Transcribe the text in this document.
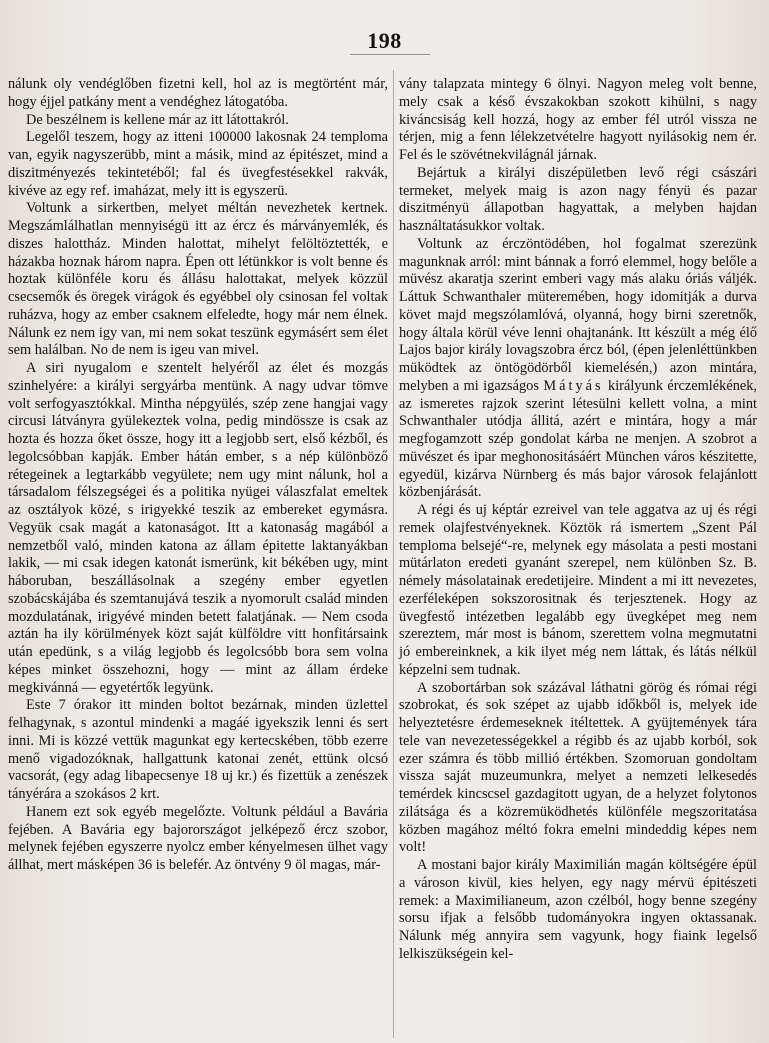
198

nálunk oly vendéglőben fizetni kell, hol az is megtörtént már, hogy éjjel patkány ment a vendéghez látogatóba.

De beszélnem is kellene már az itt látottakról.

Legelől teszem, hogy az itteni 100000 lakosnak 24 temploma van, egyik nagyszerübb, mint a másik, mind az épitészet, mind a diszitményezés tekintetéből; fal és üvegfestésekkel rakvák, kivéve az egy ref. imaházat, mely itt is egyszerü.

Voltunk a sirkertben, melyet méltán nevezhetek kertnek. Megszámlálhatlan mennyiségü itt az ércz és márványemlék, és diszes halottház. Minden halottat, mihelyt felöltöztették, e házakba hoznak három napra. Épen ott létünkkor is volt benne és hoztak különféle koru és állásu halottakat, melyek közzül csecsemők és öregek virágok és egyébbel oly csinosan fel voltak ruházva, hogy az ember csaknem elfeledte, hogy már nem élnek. Nálunk ez nem igy van, mi nem sokat teszünk egymásért sem élet sem halálban. No de nem is igeu van mivel.

A siri nyugalom e szentelt helyéről az élet és mozgás szinhelyére: a királyi sergyárba mentünk. A nagy udvar tömve volt serfogyasztókkal. Mintha népgyülés, szép zene hangjai vagy circusi látványra gyülekeztek volna, pedig mindössze is csak az hozta és hozza őket össze, hogy itt a legjobb sert, első kézből, és legolcsóbban kapják. Ember hátán ember, s a nép különböző rétegeinek a legtarkább vegyülete; nem ugy mint nálunk, hol a társadalom félszegségei és a politika nyügei válaszfalat emeltek az osztályok közé, s irigyekké teszik az embereket egymásra. Vegyük csak magát a katonaságot. Itt a katonaság magából a nemzetből való, minden katona az állam épitette laktanyákban lakik, — mi csak idegen katonát ismerünk, kit békében ugy, mint háboruban, beszállásolnak a szegény ember egyetlen szobácskájába és szemtanujává teszik a nyomorult család minden mozdulatának, irigyévé minden betett falatjának. — Nem csoda aztán ha ily körülmények közt saját külföldre vitt honfitársaink után epedünk, s a világ legjobb és legolcsóbb bora sem volna képes minket összehozni, hogy — mint az állam érdeke megkivánná — egyetértők legyünk.

Este 7 órakor itt minden boltot bezárnak, minden üzlettel felhagynak, s azontul mindenki a magáé igyekszik lenni és sert inni. Mi is közzé vettük magunkat egy kertecskében, több ezerre menő vigadozóknak, hallgattunk katonai zenét, ettünk olcsó vacsorát, (egy adag libapecsenye 18 uj kr.) és fizettük a zenészek tányérára a szokásos 2 krt.

Hanem ezt sok egyéb megelőzte. Voltunk például a Bavária fejében. A Bavária egy bajorországot jelképező ércz szobor, melynek fejében egyszerre nyolcz ember kényelmesen ülhet vagy állhat, mert másképen 36 is belefér. Az öntvény 9 öl magas, már-

vány talapzata mintegy 6 ölnyi. Nagyon meleg volt benne, mely csak a késő évszakokban szokott kihülni, s nagy kiváncsiság kell hozzá, hogy az ember fél utról vissza ne térjen, mig a fenn lélekzetvételre hagyott nyilásokig nem ér. Fel és le szövétnekvilágnál járnak.

Bejártuk a királyi diszépületben levő régi császári termeket, melyek maig is azon nagy fényü és pazar diszitményü állapotban hagyattak, a melyben hajdan használtatásukkor voltak.

Voltunk az érczöntödében, hol fogalmat szerezünk magunknak arról: mint bánnak a forró elemmel, hogy belőle a müvész akaratja szerint emberi vagy más alaku óriás váljék. Láttuk Schwanthaler müteremében, hogy idomitják a durva követ majd megszólamlóvá, olyanná, hogy birni szeretnők, hogy általa körül véve lenni ohajtanánk. Itt készült a még élő Lajos bajor király lovagszobra ércz ból, (épen jelenléttünkben müködtek az öntögödörből kiemelésén,) azon mintára, melyben a mi igazságos Mátyás királyunk érczemlékének, az ismeretes rajzok szerint létesülni kellett volna, a mint Schwanthaler utódja állitá, azért e mintára, hogy a már megfogamzott szép gondolat kárba ne menjen. A szobrot a müvészet és ipar meghonositásáért München város készitette, egyedül, kizárva Nürnberg és más bajor városok felajánlott közbenjárását.

A régi és uj képtár ezreivel van tele aggatva az uj és régi remek olajfestvényeknek. Köztök rá ismertem „Szent Pál temploma belsejé“-re, melynek egy másolata a pesti mostani mütárlaton eredeti gyanánt szerepel, nem különben Sz. B. némely másolatainak eredetijeire. Mindent a mi itt nevezetes, ezerféleképen sokszorositnak és terjesztenek. Hogy az üvegfestő intézetben legalább egy üvegképet meg nem szereztem, már most is bánom, szerettem volna megmutatni jó embereinknek, a kik ilyet még nem láttak, és látás nélkül képzelni sem tudnak.

A szobortárban sok százával láthatni görög és római régi szobrokat, és sok szépet az ujabb időkből is, melyek ide helyeztetésre érdemeseknek itéltettek. A gyüjtemények tára tele van nevezetességekkel a régibb és az ujabb korból, sok ezer számra és több millió értékben. Szomoruan gondoltam vissza saját muzeumunkra, melyet a nemzeti lelkesedés temérdek kincscsel gazdagitott ugyan, de a helyzet folytonos zilátsága és a közremüködhetés különféle megszoritatása közben magához méltó fokra emelni mindeddig képes nem volt!

A mostani bajor király Maximilián magán költségére épül a városon kivül, kies helyen, egy nagy mérvü épitészeti remek: a Maximilianeum, azon czélból, hogy benne szegény sorsu ifjak a felsőbb tudományokra ingyen oktassanak. Nálunk még annyira sem vagyunk, hogy fiaink legelső lelkiszükségein kel-
